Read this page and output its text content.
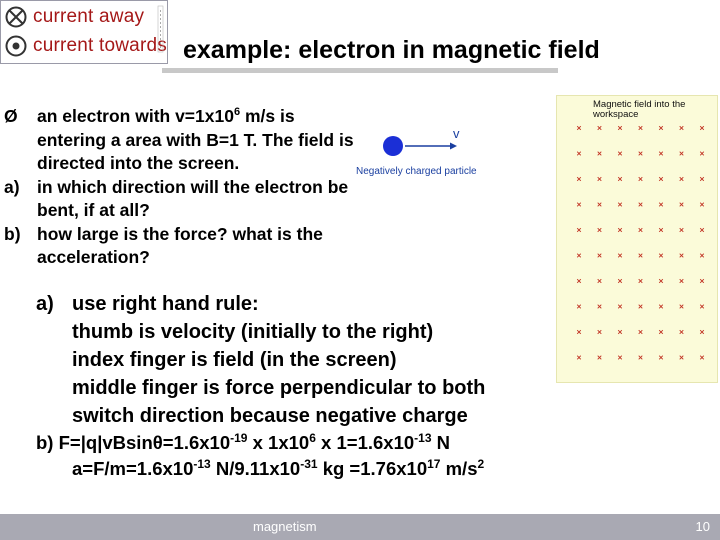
current away
current towards example: electron in magnetic field
Ø	an electron with $v=1x10^6$ m/s is entering a area with B=1 T. The field is directed into the screen.
a) in which direction will the electron be bent, if at all?
b) how large is the force? what is the acceleration?
v
Negatively charged particle
Magnetic field into the workspace
a) use right hand rule:
thumb is velocity (initially to the right)
index finger is field (in the screen)
middle finger is force perpendicular to both
switch direction because negative charge
b) $F=|q|vBsin\theta=1.6x10^{-19}$ x $1x10^6$ x $1=1.6x10^{-13}$ N
$a=F/m=1.6x10^{-13}$ $N/9.11x10^{-31}$ kg $=1.76x10^{17}$ $m/s^2$
magnetism	10
